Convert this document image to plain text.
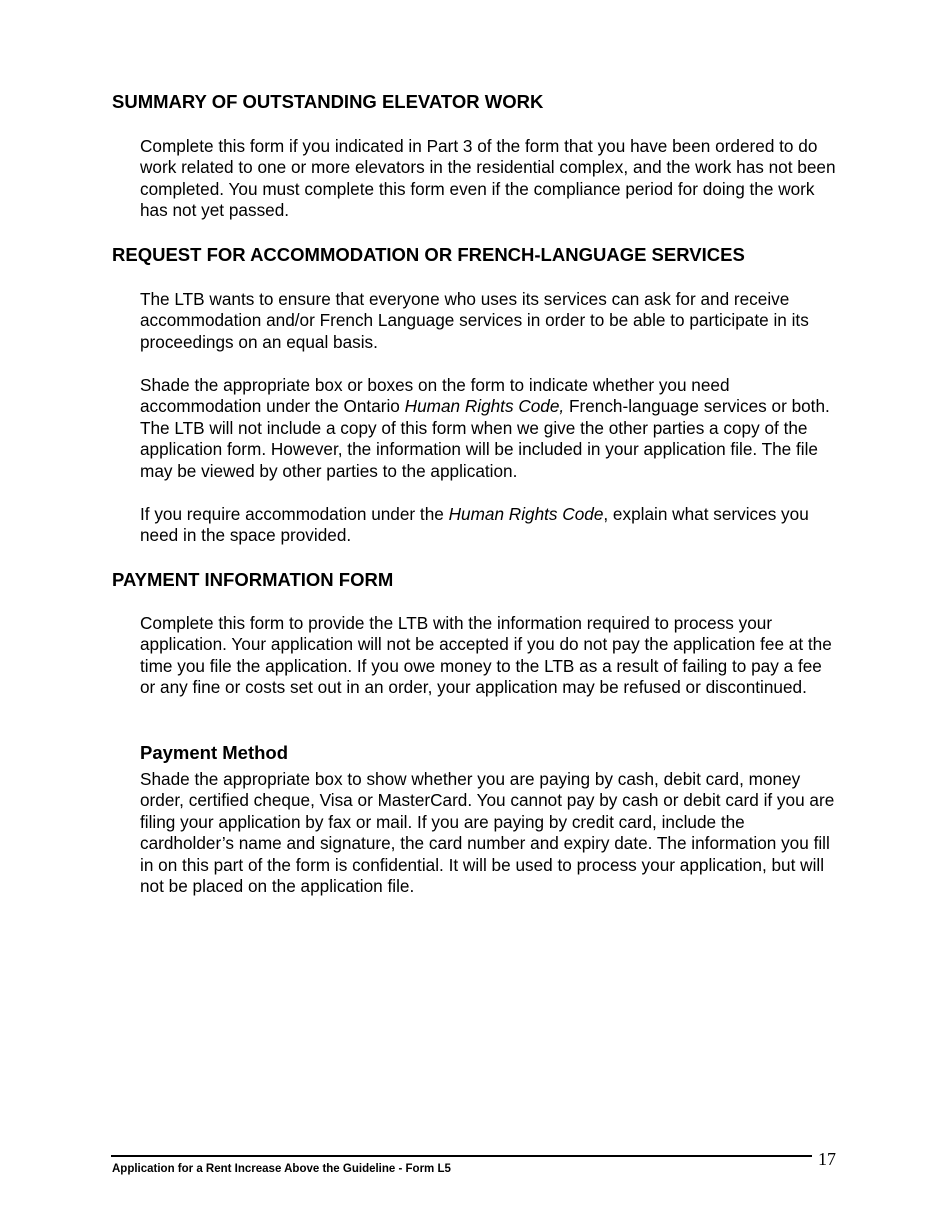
SUMMARY OF OUTSTANDING ELEVATOR WORK

Complete this form if you indicated in Part 3 of the form that you have been ordered to do work related to one or more elevators in the residential complex, and the work has not been completed. You must complete this form even if the compliance period for doing the work has not yet passed.

REQUEST FOR ACCOMMODATION OR FRENCH-LANGUAGE SERVICES

The LTB wants to ensure that everyone who uses its services can ask for and receive accommodation and/or French Language services in order to be able to participate in its proceedings on an equal basis.

Shade the appropriate box or boxes on the form to indicate whether you need accommodation under the Ontario Human Rights Code, French-language services or both. The LTB will not include a copy of this form when we give the other parties a copy of the application form. However, the information will be included in your application file. The file may be viewed by other parties to the application.

If you require accommodation under the Human Rights Code, explain what services you need in the space provided.

PAYMENT INFORMATION FORM

Complete this form to provide the LTB with the information required to process your application. Your application will not be accepted if you do not pay the application fee at the time you file the application. If you owe money to the LTB as a result of failing to pay a fee or any fine or costs set out in an order, your application may be refused or discontinued.

Payment Method

Shade the appropriate box to show whether you are paying by cash, debit card, money order, certified cheque, Visa or MasterCard. You cannot pay by cash or debit card if you are filing your application by fax or mail. If you are paying by credit card, include the cardholder’s name and signature, the card number and expiry date. The information you fill in on this part of the form is confidential. It will be used to process your application, but will not be placed on the application file.

17
Application for a Rent Increase Above the Guideline - Form L5
